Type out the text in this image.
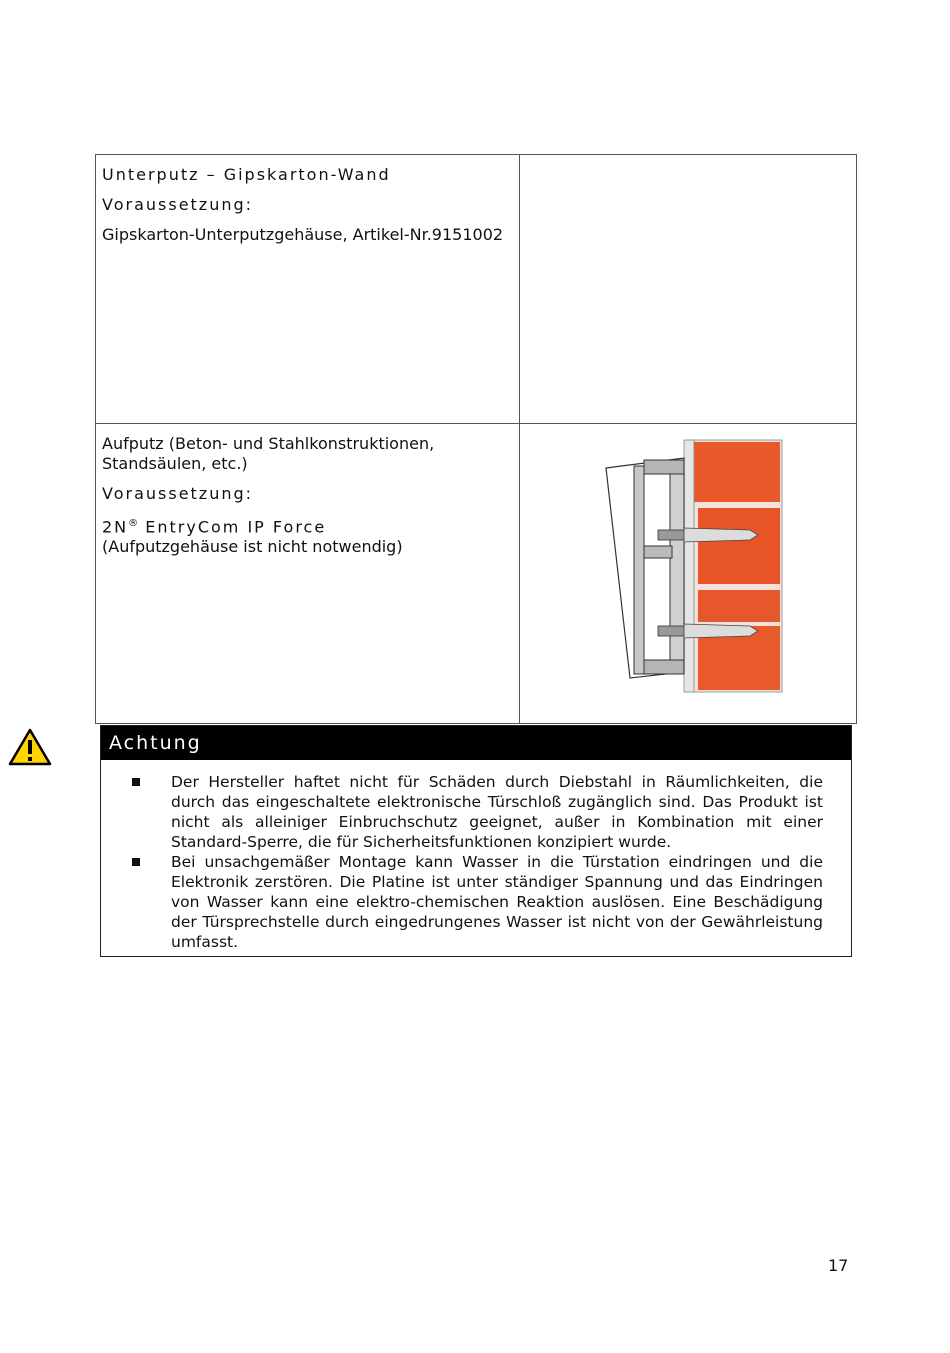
Unterputz – Gipskarton-Wand

Voraussetzung:

Gipskarton-Unterputzgehäuse, Artikel-Nr.9151002	

Aufputz (Beton- und Stahlkonstruktionen, Standsäulen, etc.)

Voraussetzung:

2N® EntryCom IP Force
(Aufputzgehäuse ist nicht notwendig)

Achtung
Der Hersteller haftet nicht für Schäden durch Diebstahl in Räumlichkeiten, die durch das eingeschaltete elektronische Türschloß zugänglich sind. Das Produkt ist nicht als alleiniger Einbruchschutz geeignet, außer in Kombination mit einer Standard-Sperre, die für Sicherheitsfunktionen konzipiert wurde.
Bei unsachgemäßer Montage kann Wasser in die Türstation eindringen und die Elektronik zerstören. Die Platine ist unter ständiger Spannung und das Eindringen von Wasser kann eine elektro-chemischen Reaktion auslösen. Eine Beschädigung der Türsprechstelle durch eingedrungenes Wasser ist nicht von der Gewährleistung umfasst.
17
